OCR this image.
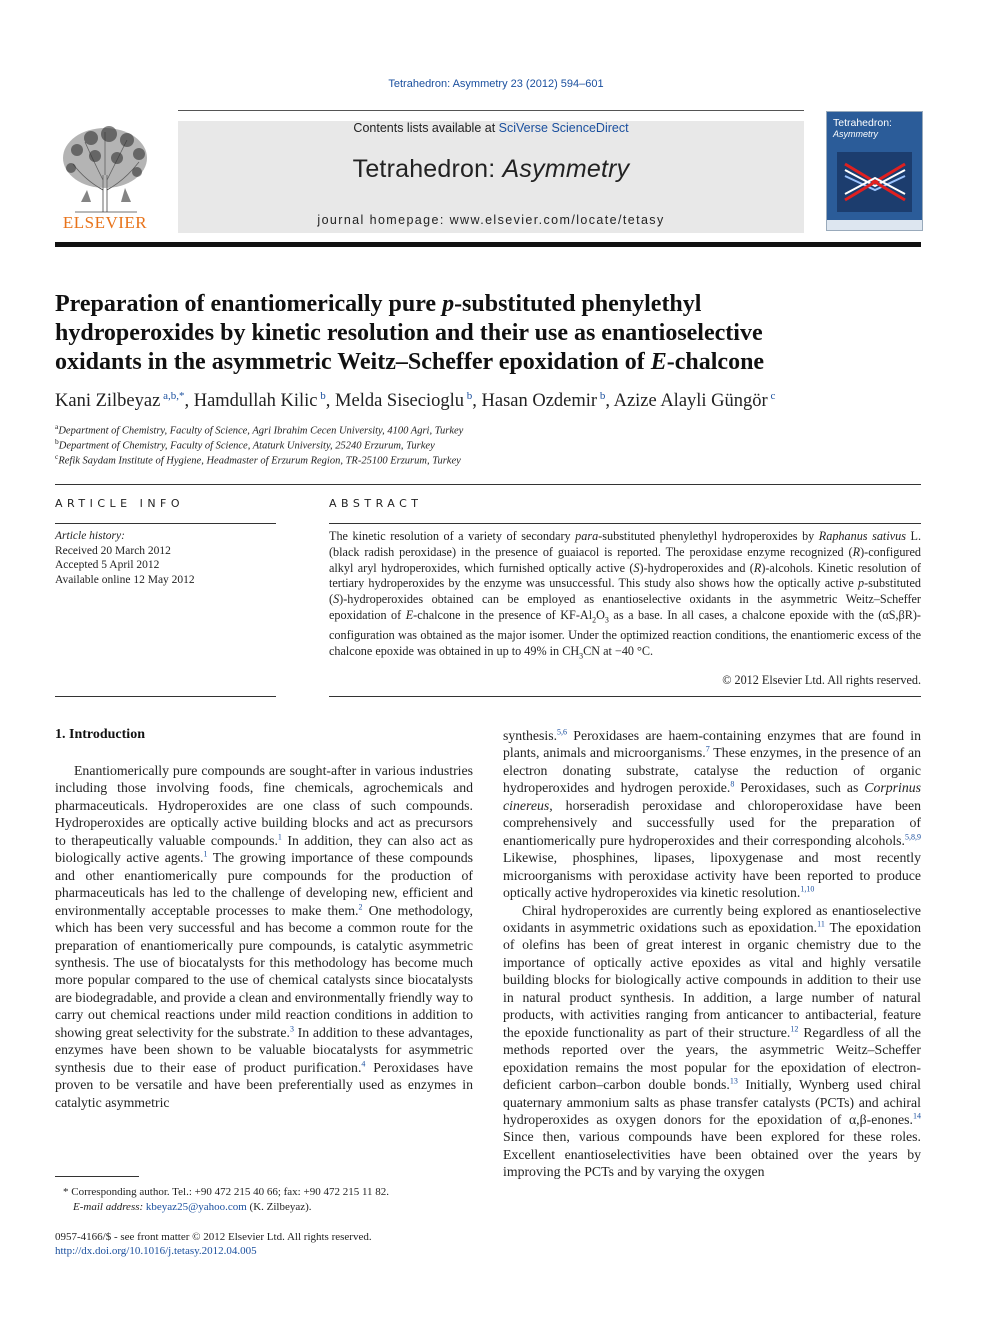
Tetrahedron: Asymmetry 23 (2012) 594–601
ELSEVIER
Contents lists available at SciVerse ScienceDirect
Tetrahedron: Asymmetry
journal homepage: www.elsevier.com/locate/tetasy
Tetrahedron:
Asymmetry
Preparation of enantiomerically pure p-substituted phenylethyl
hydroperoxides by kinetic resolution and their use as enantioselective
oxidants in the asymmetric Weitz–Scheffer epoxidation of E-chalcone
Kani Zilbeyaz $^{a,b,*}$, Hamdullah Kilic $^b$, Melda Sisecioglu $^b$, Hasan Ozdemir $^b$, Azize Alayli Güngör $^c$
$^a$Department of Chemistry, Faculty of Science, Agri Ibrahim Cecen University, 4100 Agri, Turkey
$^b$Department of Chemistry, Faculty of Science, Ataturk University, 25240 Erzurum, Turkey
$^c$Refik Saydam Institute of Hygiene, Headmaster of Erzurum Region, TR-25100 Erzurum, Turkey
ARTICLE INFO
Article history:
Received 20 March 2012
Accepted 5 April 2012
Available online 12 May 2012
ABSTRACT
The kinetic resolution of a variety of secondary para-substituted phenylethyl hydroperoxides by Raphanus sativus L. (black radish peroxidase) in the presence of guaiacol is reported. The peroxidase enzyme recognized (R)-configured alkyl aryl hydroperoxides, which furnished optically active (S)-hydroperoxides and (R)-alcohols. Kinetic resolution of tertiary hydroperoxides by the enzyme was unsuccessful. This study also shows how the optically active p-substituted (S)-hydroperoxides obtained can be employed as enantioselective oxidants in the asymmetric Weitz–Scheffer epoxidation of E-chalcone in the presence of $KF-Al_2O_3$ as a base. In all cases, a chalcone epoxide with the (αS,βR)-configuration was obtained as the major isomer. Under the optimized reaction conditions, the enantiomeric excess of the chalcone epoxide was obtained in up to 49% in $CH_3CN$ at −40 °C.
© 2012 Elsevier Ltd. All rights reserved.
1. Introduction

Enantiomerically pure compounds are sought-after in various industries including those involving foods, fine chemicals, agrochemicals and pharmaceuticals. Hydroperoxides are one class of such compounds. Hydroperoxides are optically active building blocks and act as precursors to therapeutically valuable compounds.$^1$ In addition, they can also act as biologically active agents.$^1$ The growing importance of these compounds and other enantiomerically pure compounds for the production of pharmaceuticals has led to the challenge of developing new, efficient and environmentally acceptable processes to make them.$^2$ One methodology, which has been very successful and has become a common route for the preparation of enantiomerically pure compounds, is catalytic asymmetric synthesis. The use of biocatalysts for this methodology has become much more popular compared to the use of chemical catalysts since biocatalysts are biodegradable, and provide a clean and environmentally friendly way to carry out chemical reactions under mild reaction conditions in addition to showing great selectivity for the substrate.$^3$ In addition to these advantages, enzymes have been shown to be valuable biocatalysts for asymmetric synthesis due to their ease of product purification.$^4$ Peroxidases have proven to be versatile and have been preferentially used as enzymes in catalytic asymmetric

synthesis.$^{5,6}$ Peroxidases are haem-containing enzymes that are found in plants, animals and microorganisms.$^7$ These enzymes, in the presence of an electron donating substrate, catalyse the reduction of organic hydroperoxides and hydrogen peroxide.$^8$ Peroxidases, such as Corprinus cinereus, horseradish peroxidase and chloroperoxidase have been comprehensively and successfully used for the preparation of enantiomerically pure hydroperoxides and their corresponding alcohols.$^{5,8,9}$ Likewise, phosphines, lipases, lipoxygenase and most recently microorganisms with peroxidase activity have been reported to produce optically active hydroperoxides via kinetic resolution.$^{1,10}$

Chiral hydroperoxides are currently being explored as enantioselective oxidants in asymmetric oxidations such as epoxidation.$^{11}$ The epoxidation of olefins has been of great interest in organic chemistry due to the importance of optically active epoxides as vital and highly versatile building blocks for biologically active compounds in addition to their use in natural product synthesis. In addition, a large number of natural products, with activities ranging from anticancer to antibacterial, feature the epoxide functionality as part of their structure.$^{12}$ Regardless of all the methods reported over the years, the asymmetric Weitz–Scheffer epoxidation remains the most popular for the epoxidation of electron-deficient carbon–carbon double bonds.$^{13}$ Initially, Wynberg used chiral quaternary ammonium salts as phase transfer catalysts (PCTs) and achiral hydroperoxides as oxygen donors for the epoxidation of α,β-enones.$^{14}$ Since then, various compounds have been explored for these roles. Excellent enantioselectivities have been obtained over the years by improving the PCTs and by varying the oxygen

* Corresponding author. Tel.: +90 472 215 40 66; fax: +90 472 215 11 82.
E-mail address: kbeyaz25@yahoo.com (K. Zilbeyaz).
0957-4166/$ - see front matter © 2012 Elsevier Ltd. All rights reserved.
http://dx.doi.org/10.1016/j.tetasy.2012.04.005
